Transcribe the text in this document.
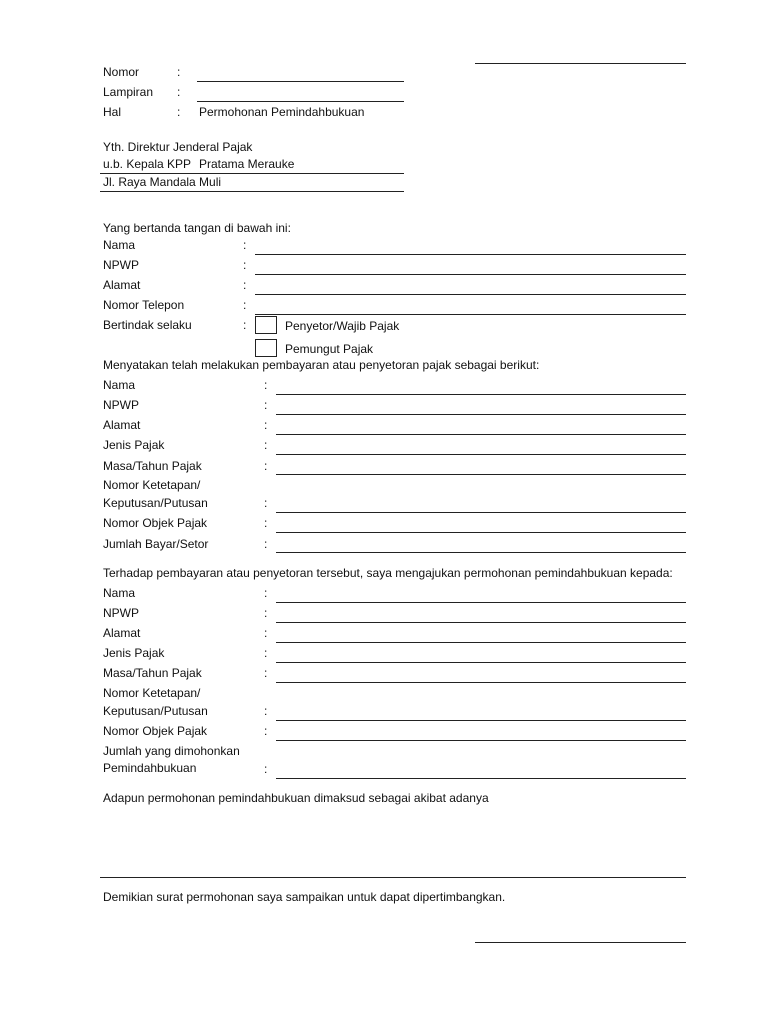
Nomor	:
Lampiran :
Hal	: Permohonan Pemindahbukuan
Yth. Direktur Jenderal Pajak
u.b. Kepala KPP Pratama Merauke
Jl. Raya Mandala Muli
Yang bertanda tangan di bawah ini:
Nama	:
NPWP	:
Alamat	:
Nomor Telepon	:
Bertindak selaku	:	Penyetor/Wajib Pajak
Pemungut Pajak
Menyatakan telah melakukan pembayaran atau penyetoran pajak sebagai berikut:
Nama	:
NPWP	:
Alamat	:
Jenis Pajak	:
Masa/Tahun Pajak	:
Nomor Ketetapan/
Keputusan/Putusan	:
Nomor Objek Pajak	:
Jumlah Bayar/Setor	:
Terhadap pembayaran atau penyetoran tersebut, saya mengajukan permohonan pemindahbukuan kepada:
Nama	:
NPWP	:
Alamat	:
Jenis Pajak	:
Masa/Tahun Pajak	:
Nomor Ketetapan/
Keputusan/Putusan	:
Nomor Objek Pajak	:
Jumlah yang dimohonkan
Pemindahbukuan	:
Adapun permohonan pemindahbukuan dimaksud sebagai akibat adanya
Demikian surat permohonan saya sampaikan untuk dapat dipertimbangkan.
